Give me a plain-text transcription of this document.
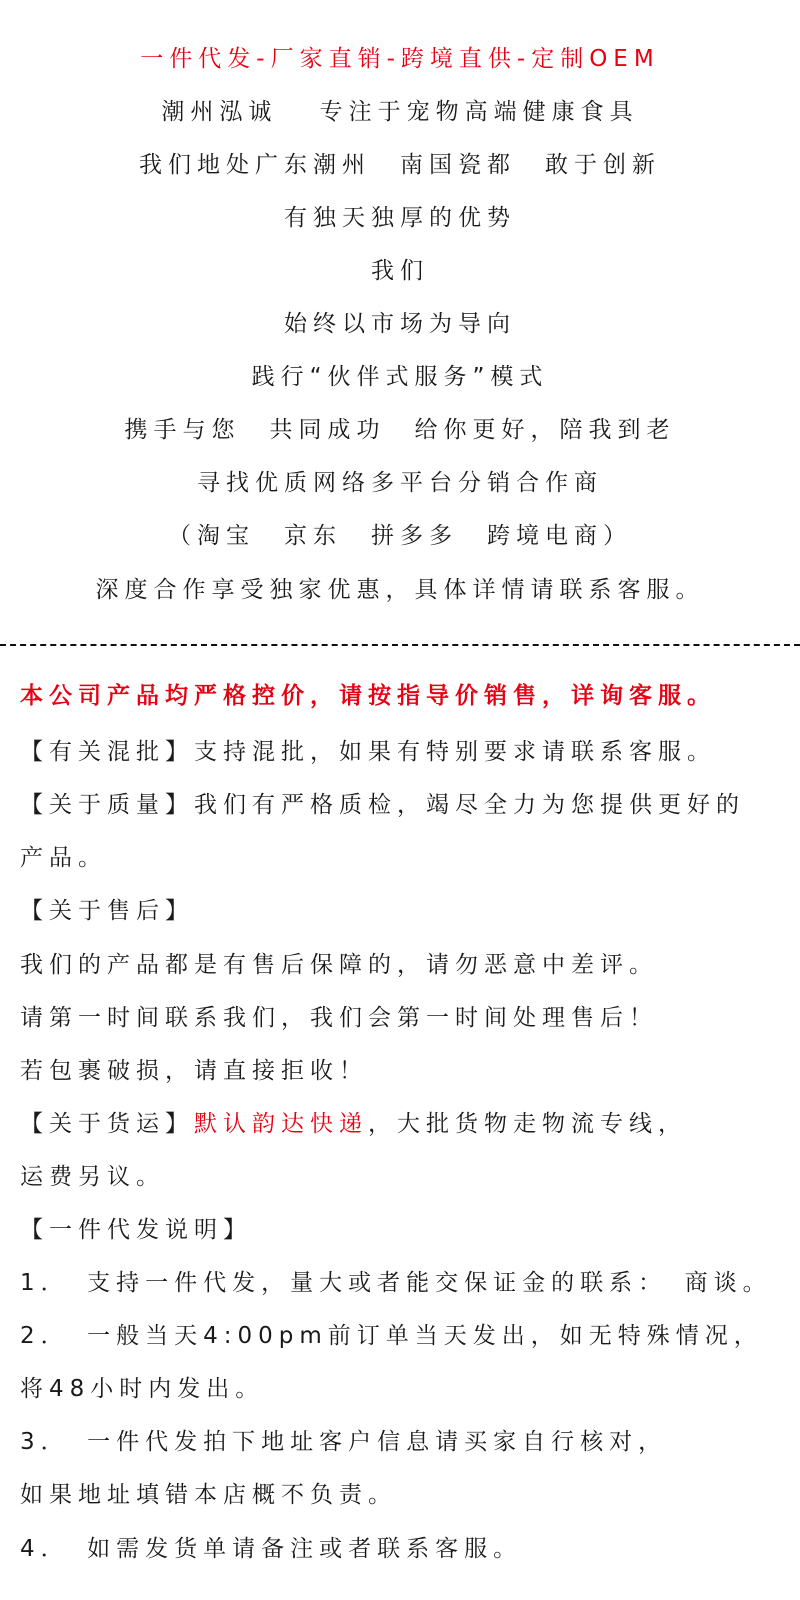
一件代发-厂家直销-跨境直供-定制OEM
潮州泓诚　 专注于宠物高端健康食具
我们地处广东潮州　南国瓷都　敢于创新
有独天独厚的优势
我们
始终以市场为导向
践行“伙伴式服务”模式
携手与您　共同成功　给你更好，陪我到老
寻找优质网络多平台分销合作商
（淘宝　京东　拼多多　跨境电商）
深度合作享受独家优惠，具体详情请联系客服。
本公司产品均严格控价，请按指导价销售，详询客服。
【有关混批】支持混批，如果有特别要求请联系客服。
【关于质量】我们有严格质检，竭尽全力为您提供更好的
产品。
【关于售后】
我们的产品都是有售后保障的，请勿恶意中差评。
请第一时间联系我们，我们会第一时间处理售后！
若包裹破损，请直接拒收！
【关于货运】默认韵达快递，大批货物走物流专线，
运费另议。
【一件代发说明】
1．　支持一件代发，量大或者能交保证金的联系：　商谈。
2．　一般当天4:00pm前订单当天发出，如无特殊情况，
将48小时内发出。
3．　一件代发拍下地址客户信息请买家自行核对，
如果地址填错本店概不负责。
4．　如需发货单请备注或者联系客服。
